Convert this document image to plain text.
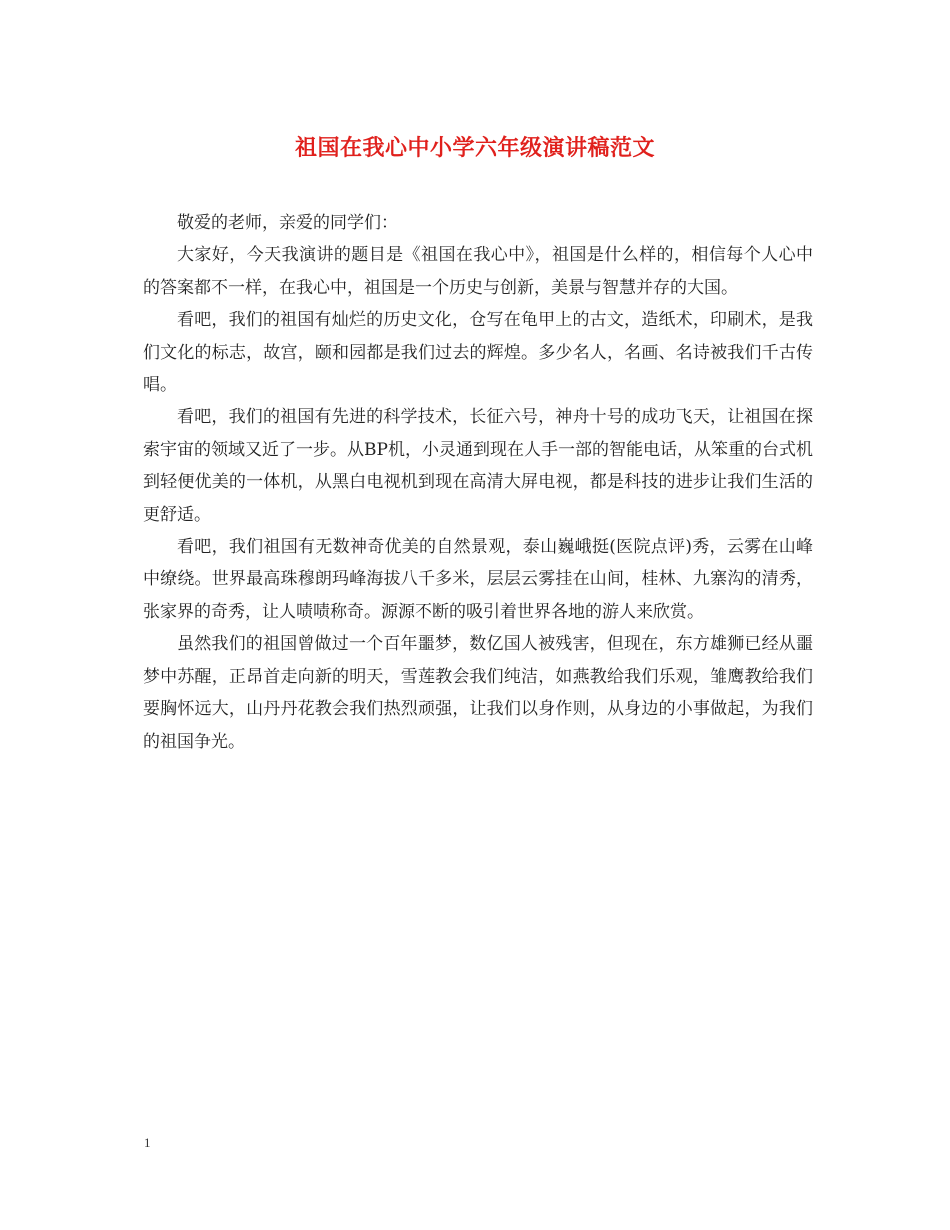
祖国在我心中小学六年级演讲稿范文

敬爱的老师，亲爱的同学们：

大家好，今天我演讲的题目是《祖国在我心中》，祖国是什么样的，相信每个人心中的答案都不一样，在我心中，祖国是一个历史与创新，美景与智慧并存的大国。

看吧，我们的祖国有灿烂的历史文化，仓写在龟甲上的古文，造纸术，印刷术，是我们文化的标志，故宫，颐和园都是我们过去的辉煌。多少名人，名画、名诗被我们千古传唱。

看吧，我们的祖国有先进的科学技术，长征六号，神舟十号的成功飞天，让祖国在探索宇宙的领域又近了一步。从BP机，小灵通到现在人手一部的智能电话，从笨重的台式机到轻便优美的一体机，从黑白电视机到现在高清大屏电视，都是科技的进步让我们生活的更舒适。

看吧，我们祖国有无数神奇优美的自然景观，泰山巍峨挺(医院点评)秀，云雾在山峰中缭绕。世界最高珠穆朗玛峰海拔八千多米，层层云雾挂在山间，桂林、九寨沟的清秀，张家界的奇秀，让人啧啧称奇。源源不断的吸引着世界各地的游人来欣赏。

虽然我们的祖国曾做过一个百年噩梦，数亿国人被残害，但现在，东方雄狮已经从噩梦中苏醒，正昂首走向新的明天，雪莲教会我们纯洁，如燕教给我们乐观，雏鹰教给我们要胸怀远大，山丹丹花教会我们热烈顽强，让我们以身作则，从身边的小事做起，为我们的祖国争光。

1
